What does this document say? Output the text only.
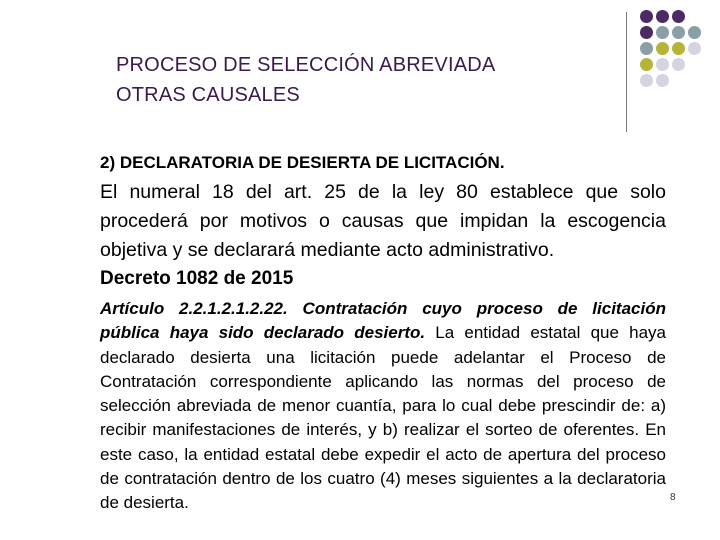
PROCESO DE SELECCIÓN ABREVIADA
OTRAS CAUSALES
2) DECLARATORIA DE DESIERTA DE LICITACIÓN.
El numeral 18 del art. 25 de la ley 80 establece que solo procederá por motivos o causas que impidan la escogencia objetiva y se declarará mediante acto administrativo.
Decreto 1082 de 2015
Artículo 2.2.1.2.1.2.22. Contratación cuyo proceso de licitación pública haya sido declarado desierto. La entidad estatal que haya declarado desierta una licitación puede adelantar el Proceso de Contratación correspondiente aplicando las normas del proceso de selección abreviada de menor cuantía, para lo cual debe prescindir de: a) recibir manifestaciones de interés, y b) realizar el sorteo de oferentes. En este caso, la entidad estatal debe expedir el acto de apertura del proceso de contratación dentro de los cuatro (4) meses siguientes a la declaratoria de desierta.	8
